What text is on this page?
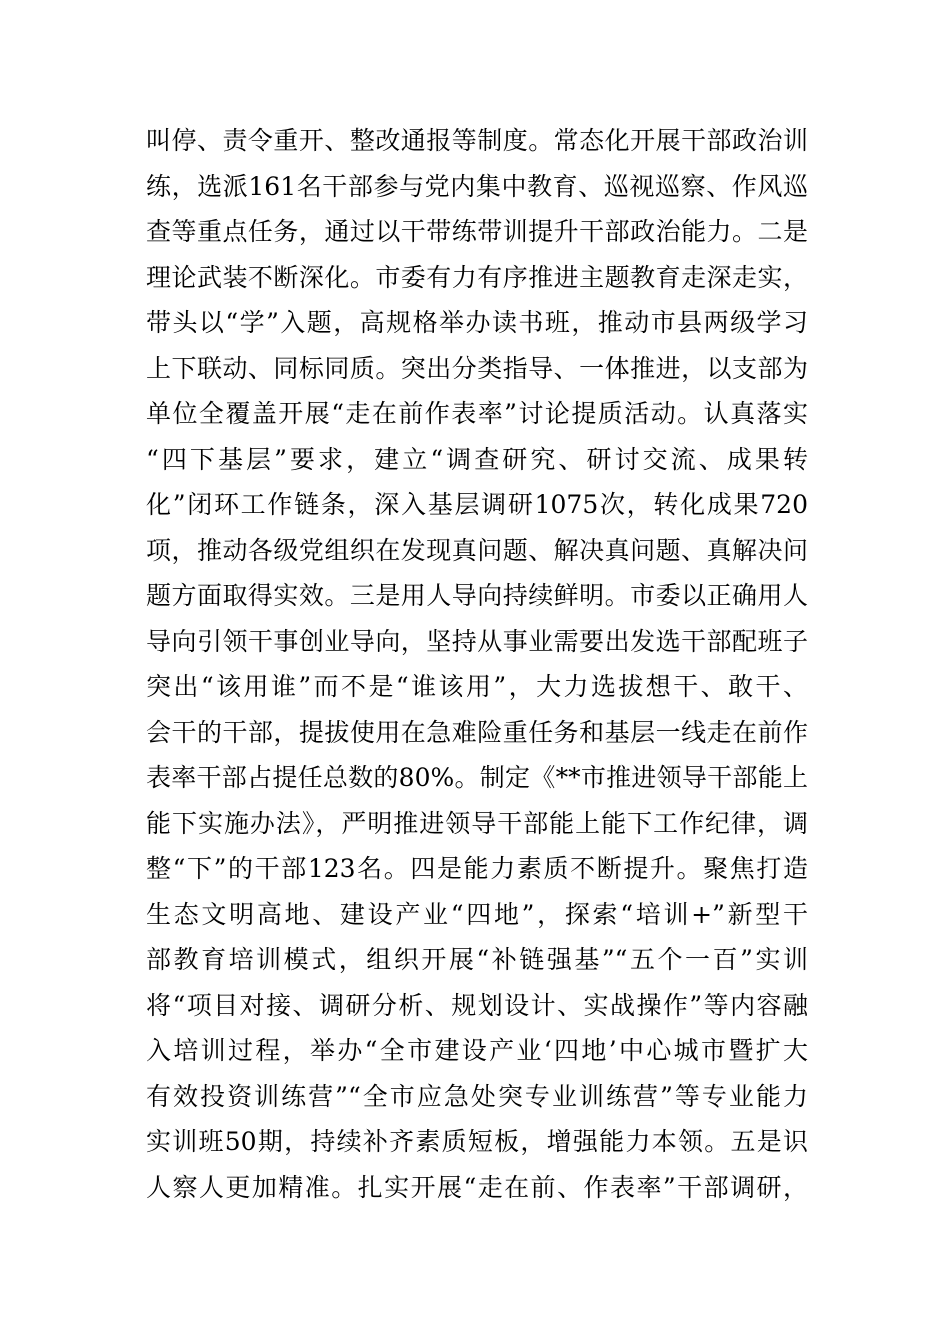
叫停、责令重开、整改通报等制度。常态化开展干部政治训
练，选派161名干部参与党内集中教育、巡视巡察、作风巡
查等重点任务，通过以干带练带训提升干部政治能力。二是
理论武装不断深化。市委有力有序推进主题教育走深走实，
带头以“学”入题，高规格举办读书班，推动市县两级学习
上下联动、同标同质。突出分类指导、一体推进，以支部为
单位全覆盖开展“走在前作表率”讨论提质活动。认真落实
“四下基层”要求，建立“调查研究、研讨交流、成果转
化”闭环工作链条，深入基层调研1075次，转化成果720
项，推动各级党组织在发现真问题、解决真问题、真解决问
题方面取得实效。三是用人导向持续鲜明。市委以正确用人
导向引领干事创业导向，坚持从事业需要出发选干部配班子
突出“该用谁”而不是“谁该用”，大力选拔想干、敢干、
会干的干部，提拔使用在急难险重任务和基层一线走在前作
表率干部占提任总数的80%。制定《**市推进领导干部能上
能下实施办法》，严明推进领导干部能上能下工作纪律，调
整“下”的干部123名。四是能力素质不断提升。聚焦打造
生态文明高地、建设产业“四地”，探索“培训+”新型干
部教育培训模式，组织开展“补链强基”“五个一百”实训
将“项目对接、调研分析、规划设计、实战操作”等内容融
入培训过程，举办“全市建设产业‘四地’中心城市暨扩大
有效投资训练营”“全市应急处突专业训练营”等专业能力
实训班50期，持续补齐素质短板，增强能力本领。五是识
人察人更加精准。扎实开展“走在前、作表率”干部调研，
